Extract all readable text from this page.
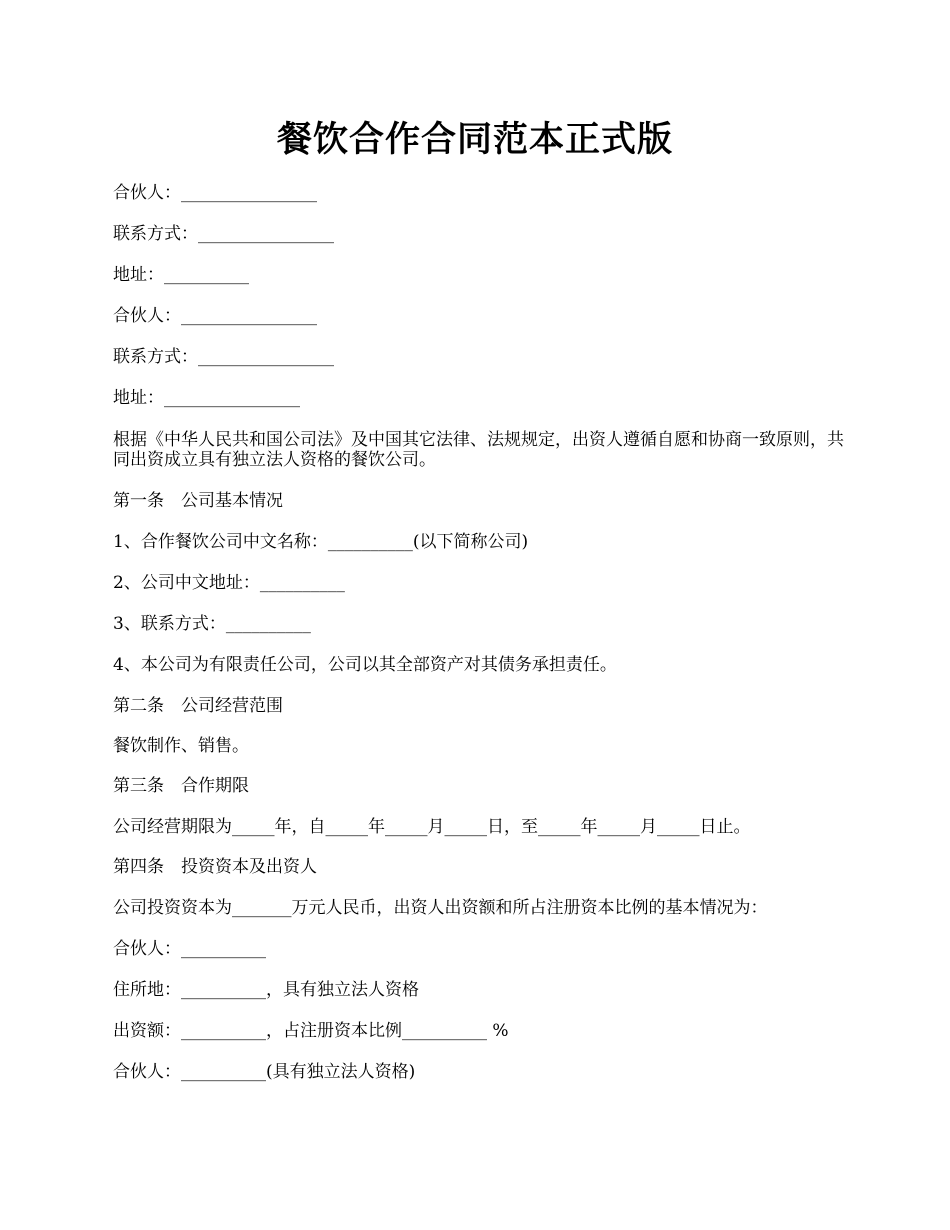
餐饮合作合同范本正式版
合伙人：________________
联系方式：________________
地址：__________
合伙人：________________
联系方式：________________
地址：________________
根据《中华人民共和国公司法》及中国其它法律、法规规定，出资人遵循自愿和协商一致原则，共同出资成立具有独立法人资格的餐饮公司。
第一条　公司基本情况
1、合作餐饮公司中文名称：__________(以下简称公司)
2、公司中文地址：__________
3、联系方式：__________
4、本公司为有限责任公司，公司以其全部资产对其债务承担责任。
第二条　公司经营范围
餐饮制作、销售。
第三条　合作期限
公司经营期限为_____年，自_____年_____月_____日，至_____年_____月_____日止。
第四条　投资资本及出资人
公司投资资本为_______万元人民币，出资人出资额和所占注册资本比例的基本情况为：
合伙人：__________
住所地：__________，具有独立法人资格
出资额：__________，占注册资本比例__________ %
合伙人：__________(具有独立法人资格)
